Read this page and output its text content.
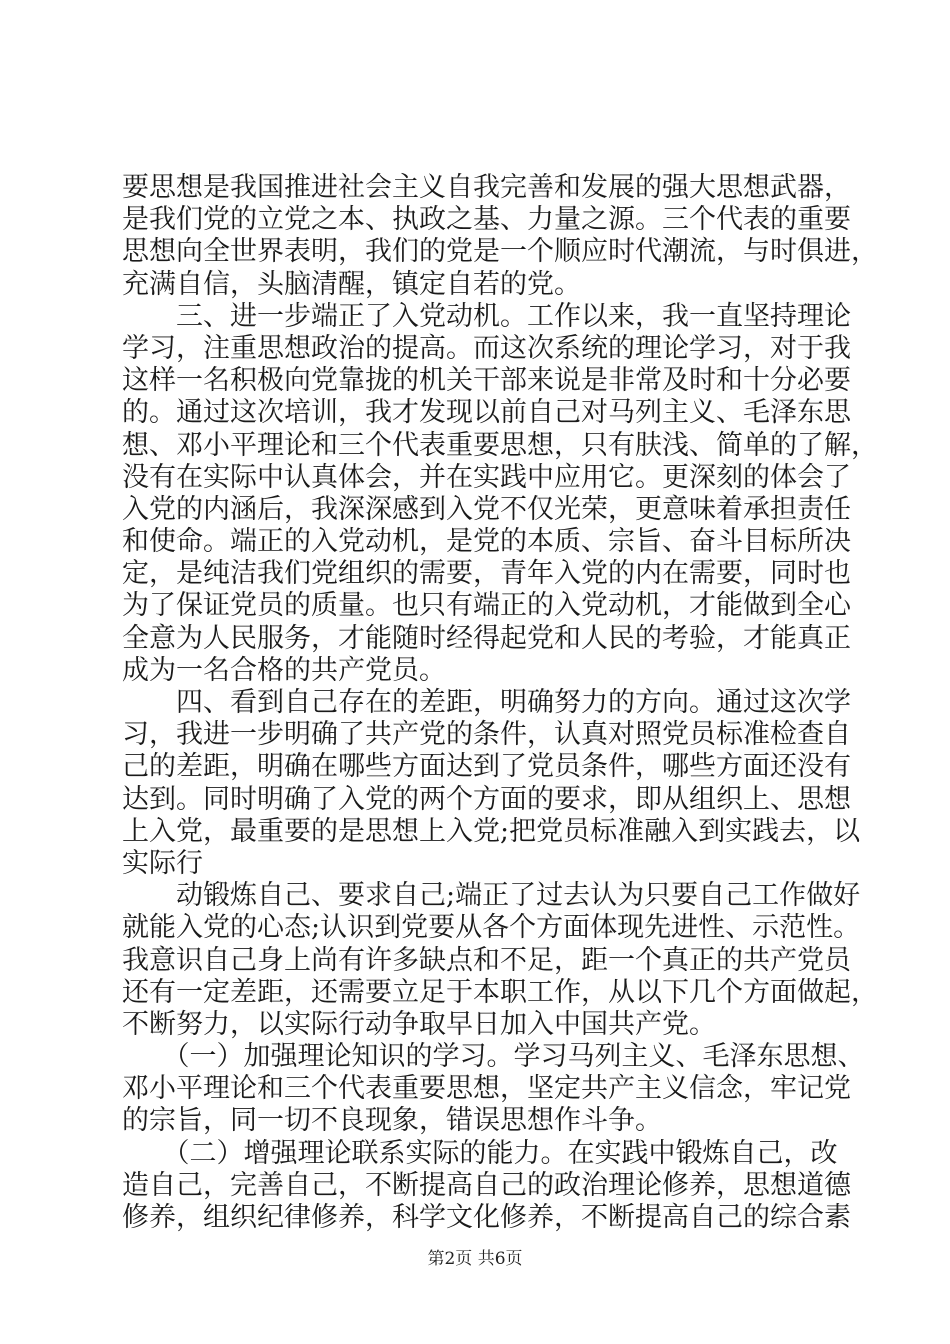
要思想是我国推进社会主义自我完善和发展的强大思想武器，
是我们党的立党之本、执政之基、力量之源。三个代表的重要
思想向全世界表明，我们的党是一个顺应时代潮流，与时俱进，
充满自信，头脑清醒，镇定自若的党。
　　三、进一步端正了入党动机。工作以来，我一直坚持理论
学习，注重思想政治的提高。而这次系统的理论学习，对于我
这样一名积极向党靠拢的机关干部来说是非常及时和十分必要
的。通过这次培训，我才发现以前自己对马列主义、毛泽东思
想、邓小平理论和三个代表重要思想，只有肤浅、简单的了解，
没有在实际中认真体会，并在实践中应用它。更深刻的体会了
入党的内涵后，我深深感到入党不仅光荣，更意味着承担责任
和使命。端正的入党动机，是党的本质、宗旨、奋斗目标所决
定，是纯洁我们党组织的需要，青年入党的内在需要，同时也
为了保证党员的质量。也只有端正的入党动机，才能做到全心
全意为人民服务，才能随时经得起党和人民的考验，才能真正
成为一名合格的共产党员。
　　四、看到自己存在的差距，明确努力的方向。通过这次学
习，我进一步明确了共产党的条件，认真对照党员标准检查自
己的差距，明确在哪些方面达到了党员条件，哪些方面还没有
达到。同时明确了入党的两个方面的要求，即从组织上、思想
上入党，最重要的是思想上入党;把党员标准融入到实践去，以
实际行
　　动锻炼自己、要求自己;端正了过去认为只要自己工作做好
就能入党的心态;认识到党要从各个方面体现先进性、示范性。
我意识自己身上尚有许多缺点和不足，距一个真正的共产党员
还有一定差距，还需要立足于本职工作，从以下几个方面做起，
不断努力，以实际行动争取早日加入中国共产党。
　　（一）加强理论知识的学习。学习马列主义、毛泽东思想、
邓小平理论和三个代表重要思想，坚定共产主义信念，牢记党
的宗旨，同一切不良现象，错误思想作斗争。
　　（二）增强理论联系实际的能力。在实践中锻炼自己，改
造自己，完善自己，不断提高自己的政治理论修养，思想道德
修养，组织纪律修养，科学文化修养，不断提高自己的综合素
第2页 共6页
